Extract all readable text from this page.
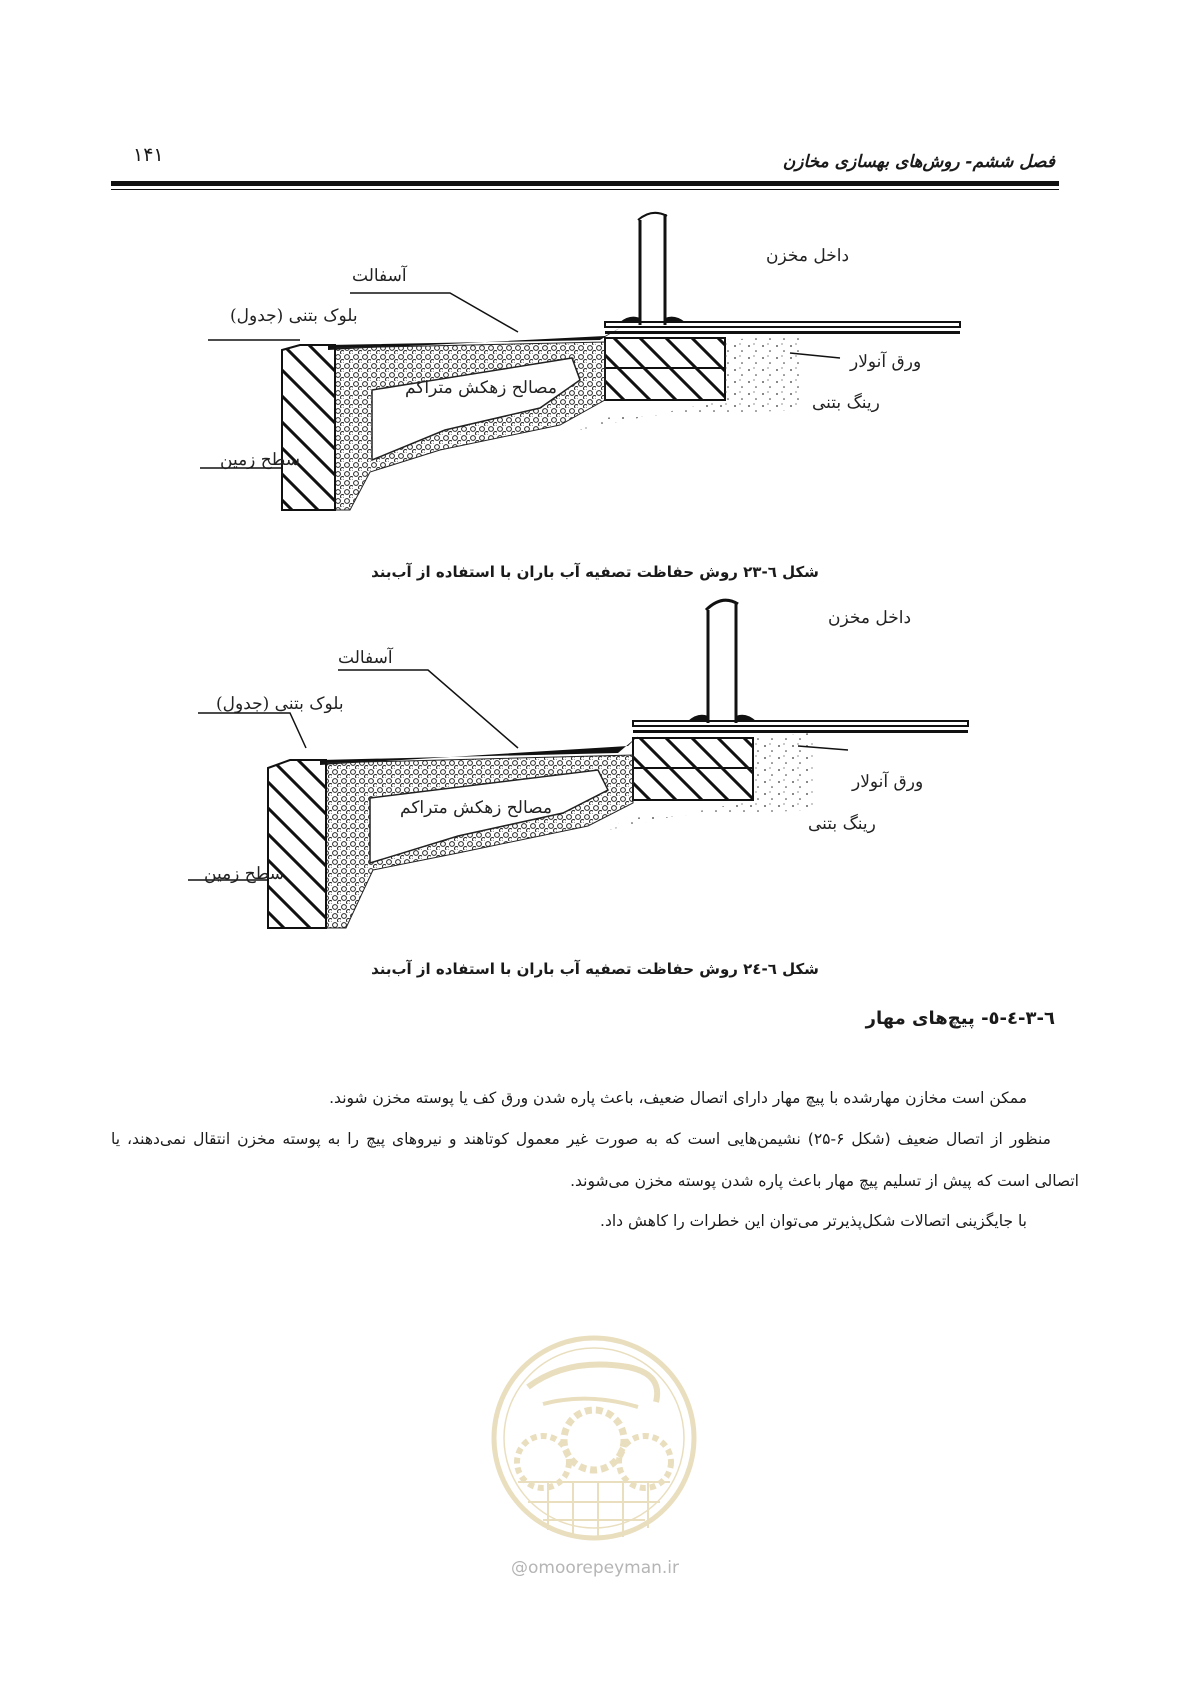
۱۴۱	فصل ششم- روش‌های بهسازی مخازن
داخل مخزن
آسفالت
بلوک بتنی (جدول)
مصالح زهکش متراکم
ورق آنولار
رینگ بتنی
سطح زمین
شکل ٦-٢٣ روش حفاظت تصفیه آب باران با استفاده از آب‌بند
داخل مخزن
آسفالت
بلوک بتنی (جدول)
مصالح زهکش متراکم
ورق آنولار
رینگ بتنی
سطح زمین
شکل ٦-٢٤ روش حفاظت تصفیه آب باران با استفاده از آب‌بند
٦-٣-٤-٥- پیچ‌های مهار

ممکن است مخازن مهارشده با پیچ مهار دارای اتصال ضعیف، باعث پاره شدن ورق کف یا پوسته مخزن شوند.

منظور از اتصال ضعیف (شکل ۶-۲۵) نشیمن‌هایی است که به صورت غیر معمول کوتاهند و نیروهای پیچ را به پوسته مخزن انتقال نمی‌دهند، یا اتصالی است که پیش از تسلیم پیچ مهار باعث پاره شدن پوسته مخزن می‌شوند.

با جایگزینی اتصالات شکل‌پذیرتر می‌توان این خطرات را کاهش داد.

@omoorepeyman.ir
